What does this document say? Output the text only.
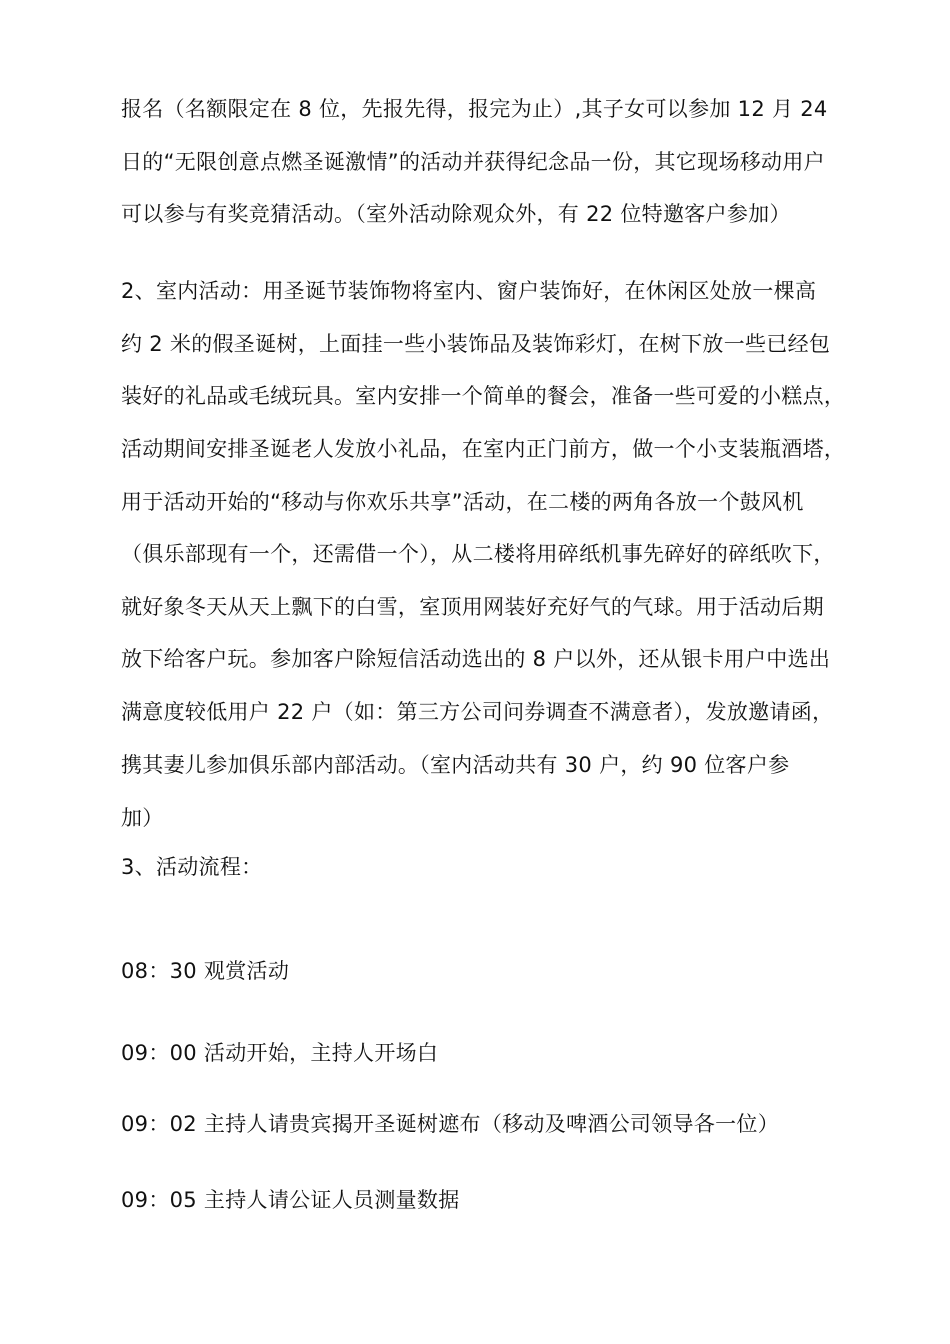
报名（名额限定在 8 位，先报先得，报完为止）,其子女可以参加 12 月 24
日的“无限创意点燃圣诞激情”的活动并获得纪念品一份，其它现场移动用户
可以参与有奖竞猜活动。（室外活动除观众外，有 22 位特邀客户参加）
2、室内活动：用圣诞节装饰物将室内、窗户装饰好，在休闲区处放一棵高
约 2 米的假圣诞树，上面挂一些小装饰品及装饰彩灯，在树下放一些已经包
装好的礼品或毛绒玩具。室内安排一个简单的餐会，准备一些可爱的小糕点，
活动期间安排圣诞老人发放小礼品，在室内正门前方，做一个小支装瓶酒塔，
用于活动开始的“移动与你欢乐共享”活动，在二楼的两角各放一个鼓风机
（俱乐部现有一个，还需借一个），从二楼将用碎纸机事先碎好的碎纸吹下，
就好象冬天从天上飘下的白雪，室顶用网装好充好气的气球。用于活动后期
放下给客户玩。参加客户除短信活动选出的 8 户以外，还从银卡用户中选出
满意度较低用户 22 户（如：第三方公司问券调查不满意者），发放邀请函，
携其妻儿参加俱乐部内部活动。（室内活动共有 30 户，约 90 位客户参
加）
3、活动流程：
08：30 观赏活动
09：00 活动开始，主持人开场白
09：02 主持人请贵宾揭开圣诞树遮布（移动及啤酒公司领导各一位）
09：05 主持人请公证人员测量数据
